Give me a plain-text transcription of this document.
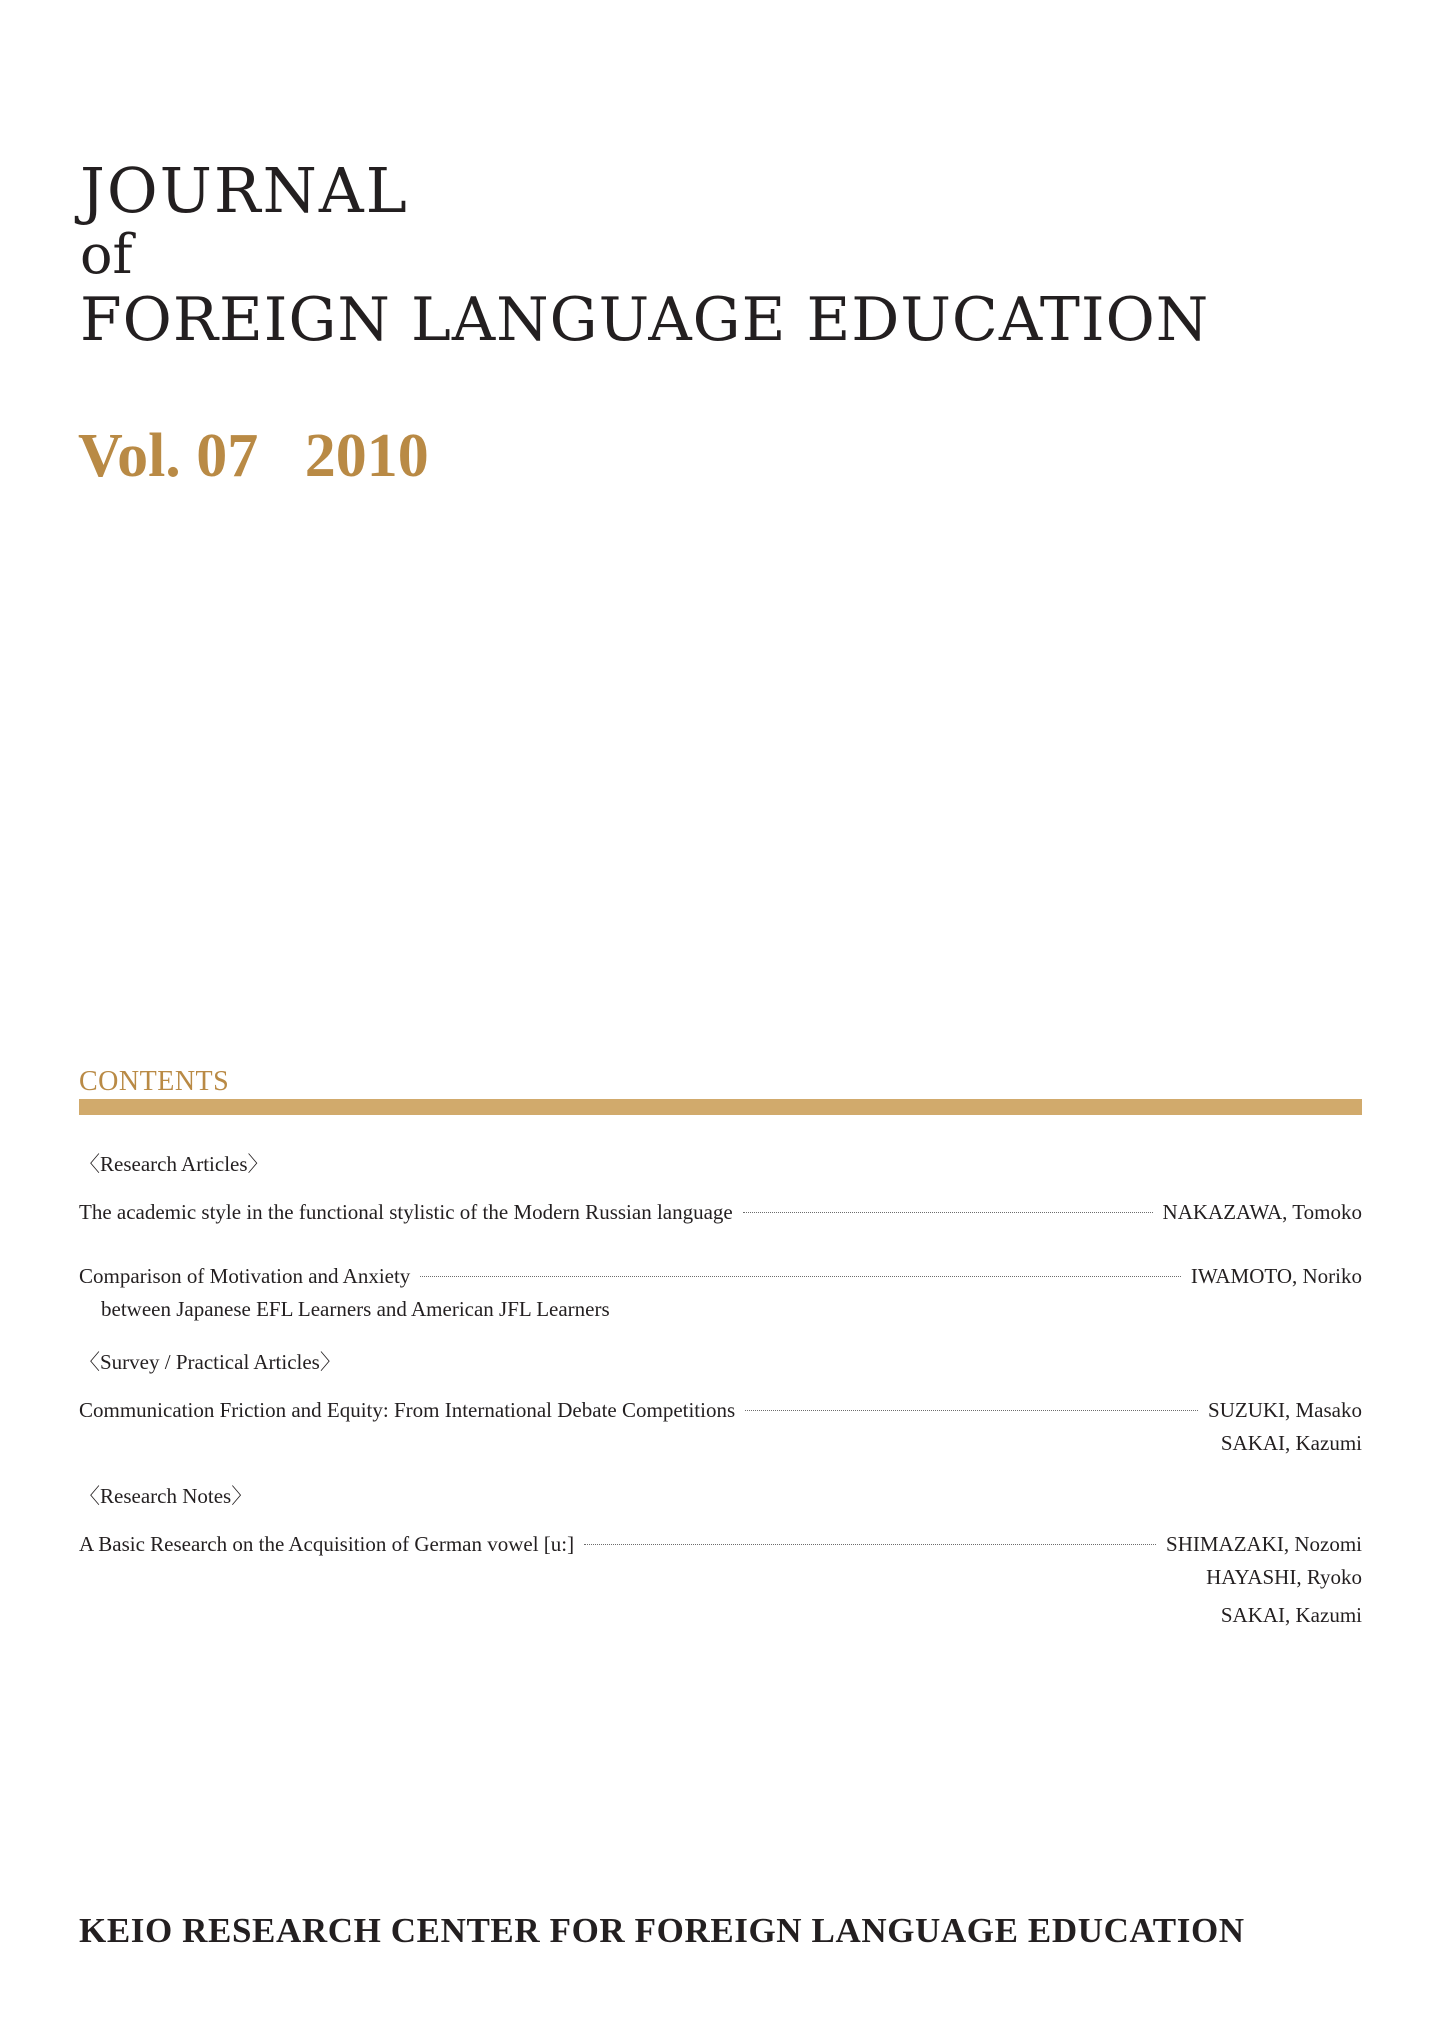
JOURNAL
of
FOREIGN LANGUAGE EDUCATION
Vol. 07   2010
CONTENTS
〈Research Articles〉
The academic style in the functional stylistic of the Modern Russian language	NAKAZAWA, Tomoko
Comparison of Motivation and Anxiety	IWAMOTO, Noriko
between Japanese EFL Learners and American JFL Learners
〈Survey / Practical Articles〉
Communication Friction and Equity: From International Debate Competitions	SUZUKI, Masako
SAKAI, Kazumi
〈Research Notes〉
A Basic Research on the Acquisition of German vowel [u:]	SHIMAZAKI, Nozomi
HAYASHI, Ryoko
SAKAI, Kazumi
KEIO RESEARCH CENTER FOR FOREIGN LANGUAGE EDUCATION
